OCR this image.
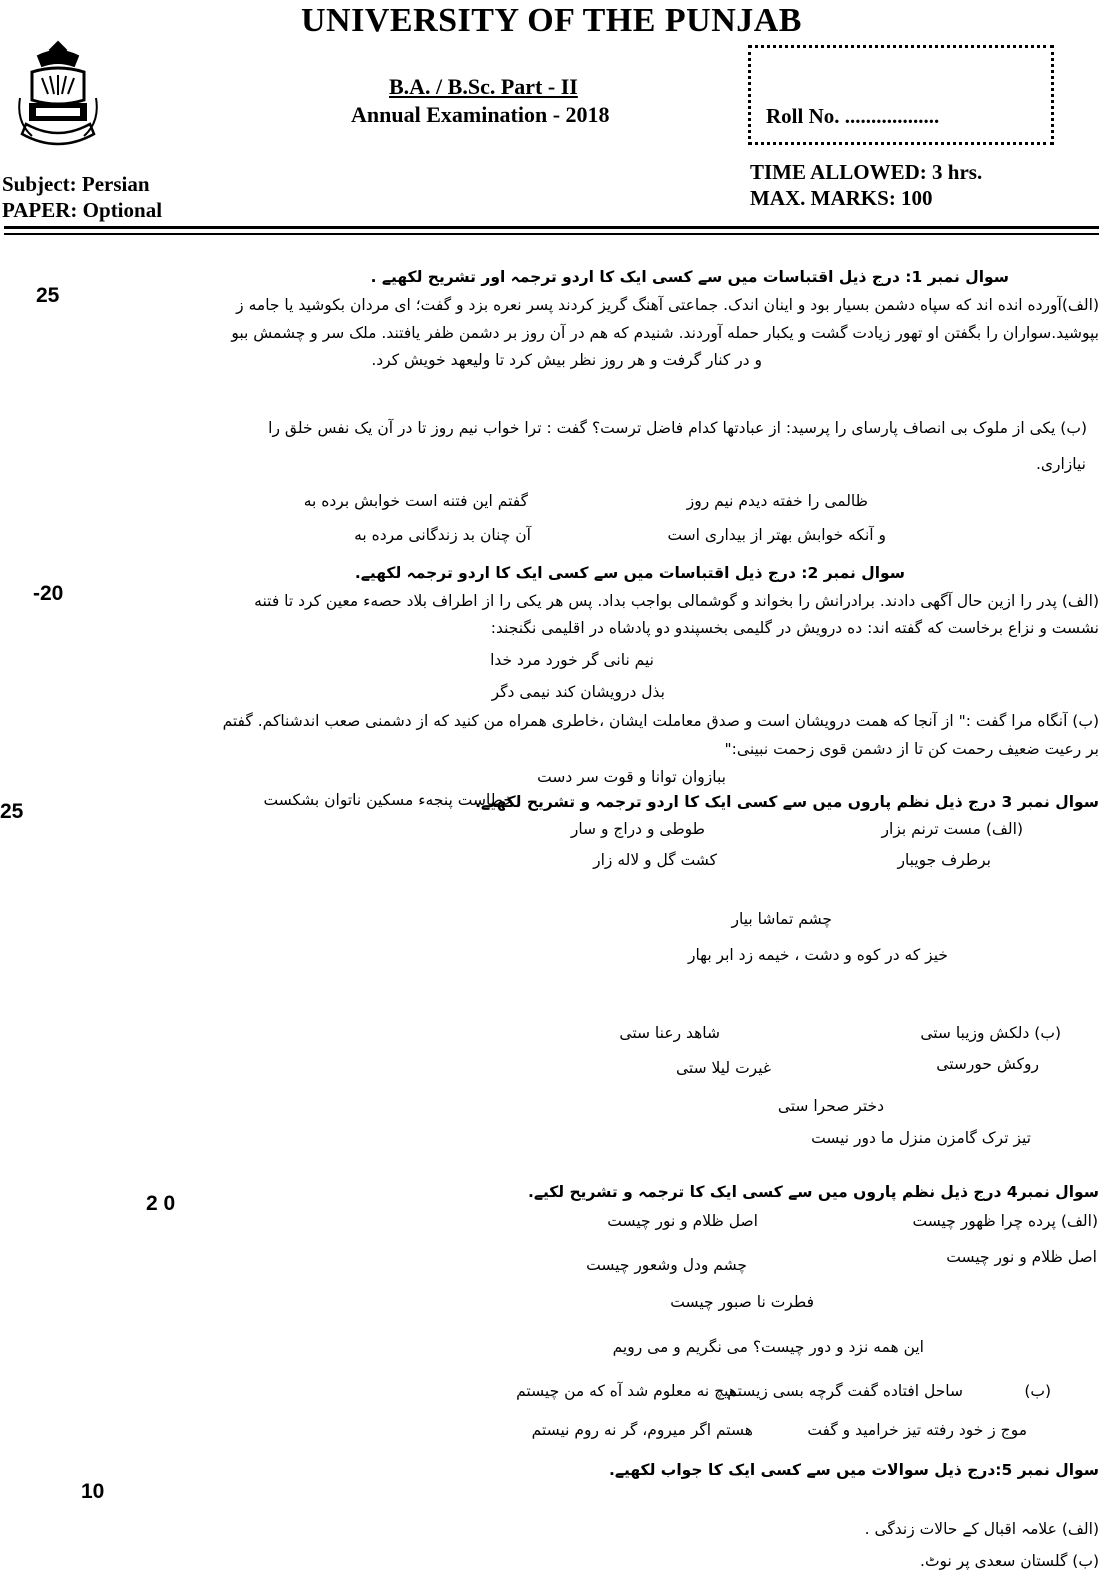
UNIVERSITY OF THE PUNJAB
B.A. / B.Sc. Part - II
Annual Examination - 2018	Roll No. ..................
Subject: Persian
PAPER: Optional
TIME ALLOWED: 3 hrs.
MAX. MARKS: 100
25
سوال نمبر 1: درج ذیل اقتباسات میں سے کسی ایک کا اردو ترجمہ اور تشریح لکھیے .
(الف)آورده انده اند که سپاه دشمن بسیار بود و اینان اندک. جماعتی آهنگ گریز کردند پسر نعره بزد و گفت؛ ای مردان بکوشید یا جامه ز
بپوشید.سواران را بگفتن او تهور زیادت گشت و یکبار حمله آوردند. شنیدم که هم در آن روز بر دشمن ظفر یافتند. ملک سر و چشمش ببو
و در کنار گرفت و هر روز نظر بیش کرد تا ولیعهد خویش کرد.
(ب) یکی از ملوک بی انصاف پارسای را پرسید: از عبادتها کدام فاضل ترست؟ گفت : ترا خواب نیم روز تا در آن یک نفس خلق را
نیازاری.
ظالمی را خفته دیدم نیم روز
گفتم این فتنه است خوابش برده به
و آنکه خوابش بهتر از بیداری است
آن چنان بد زندگانی مرده به
-20
سوال نمبر 2: درج ذیل اقتباسات میں سے کسی ایک کا اردو ترجمہ لکھیے.
(الف) پدر را ازین حال آگهی دادند. برادرانش را بخواند و گوشمالی بواجب بداد. پس هر یکی را از اطراف بلاد حصه‌ء معین کرد تا فتنه
نشست و نزاع برخاست که گفته اند: ده درویش در گلیمی بخسپندو دو پادشاه در اقلیمی نگنجند:
نیم نانی گر خورد مرد خدا
بذل درویشان کند نیمی دگر
(ب) آنگاه مرا گفت :" از آنجا که همت درویشان است و صدق معاملت ایشان ،خاطری همراه من کنید که از دشمنی صعب اندشناکم. گفتم
بر رعیت ضعیف رحمت کن تا از دشمن قوی زحمت نبینی:"
ببازوان توانا و قوت سر دست
خطاست پنجه‌ء مسکین ناتوان بشکست
25	سوال نمبر 3 درج ذیل نظم پاروں میں سے کسی ایک کا اردو ترجمہ و تشریح لکھیے.
(الف) مست ترنم بزار
طوطی و دراج و سار
برطرف جویبار
کشت گل و لاله زار
چشم تماشا بیار
خیز که در کوه و دشت ، خیمه زد ابر بهار
(ب) دلکش وزیبا ستی
شاهد رعنا ستی
روکش حورستی
غیرت لیلا ستی
دختر صحرا ستی
تیز ترک گامزن منزل ما دور نیست
2 0	سوال نمبر4 درج ذیل نظم پاروں میں سے کسی ایک کا ترجمہ و تشریح لکیے.
(الف) پرده چرا ظهور چیست
اصل ظلام و نور چیست
اصل ظلام و نور چیست
چشم ودل وشعور چیست
فطرت نا صبور چیست
این همه نزد و دور چیست؟ می نگریم و می رویم
(ب)
ساحل افتاده گفت گرچه بسی زیستم
هیچ نه معلوم شد آه که من چیستم
موج ز خود رفته تیز خرامید و گفت
هستم اگر میروم، گر نه روم نیستم
10
سوال نمبر 5:درج ذیل سوالات میں سے کسی ایک کا جواب لکھیے.
(الف) علامہ اقبال کے حالات زندگی .
(ب) گلستان سعدی پر نوٹ.
